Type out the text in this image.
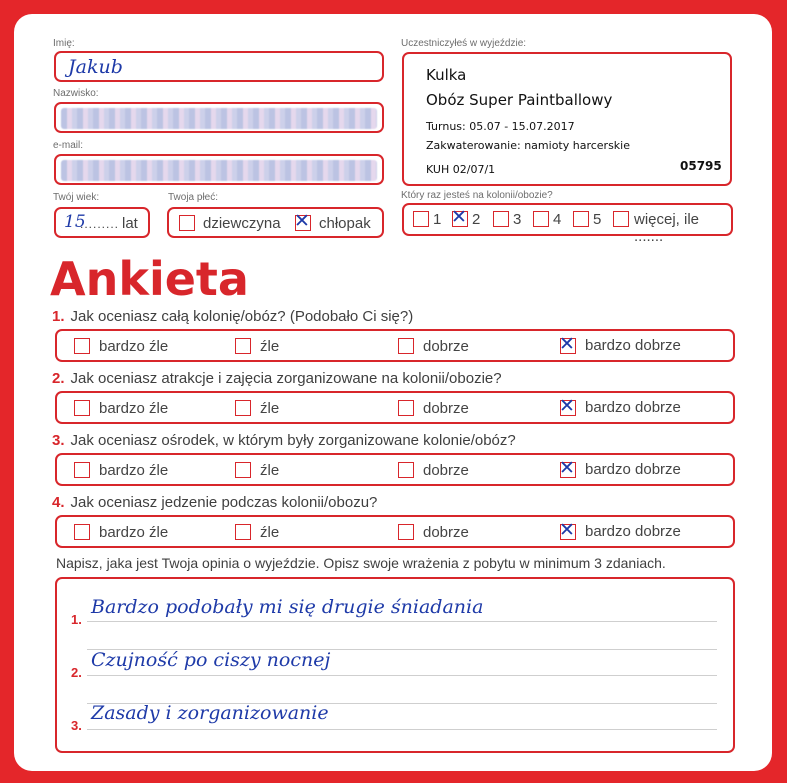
Imię:
Jakub
Nazwisko:
e-mail:
Twój wiek:
15
......... lat
Twoja płeć:
dziewczyna ✕ chłopak
Uczestniczyłeś w wyjeździe:
Kulka
Obóz Super Paintballowy
Turnus: 05.07 - 15.07.2017
Zakwaterowanie: namioty harcerskie
KUH 02/07/1	05795
Który raz jesteś na kolonii/obozie?
1 ✕ 2 3 4 5 więcej, ile .......
Ankieta
1. Jak oceniasz całą kolonię/obóz? (Podobało Ci się?)
bardzo źle	źle	dobrze	✕ bardzo dobrze
2. Jak oceniasz atrakcje i zajęcia zorganizowane na kolonii/obozie?
bardzo źle	źle	dobrze	✕ bardzo dobrze
3. Jak oceniasz ośrodek, w którym były zorganizowane kolonie/obóz?
bardzo źle	źle	dobrze	✕ bardzo dobrze
4. Jak oceniasz jedzenie podczas kolonii/obozu?
bardzo źle	źle	dobrze	✕ bardzo dobrze
Napisz, jaka jest Twoja opinia o wyjeździe. Opisz swoje wrażenia z pobytu w minimum 3 zdaniach.
1.
Bardzo podobały mi się drugie śniadania
2.
Czujność po ciszy nocnej
3.
Zasady i zorganizowanie
